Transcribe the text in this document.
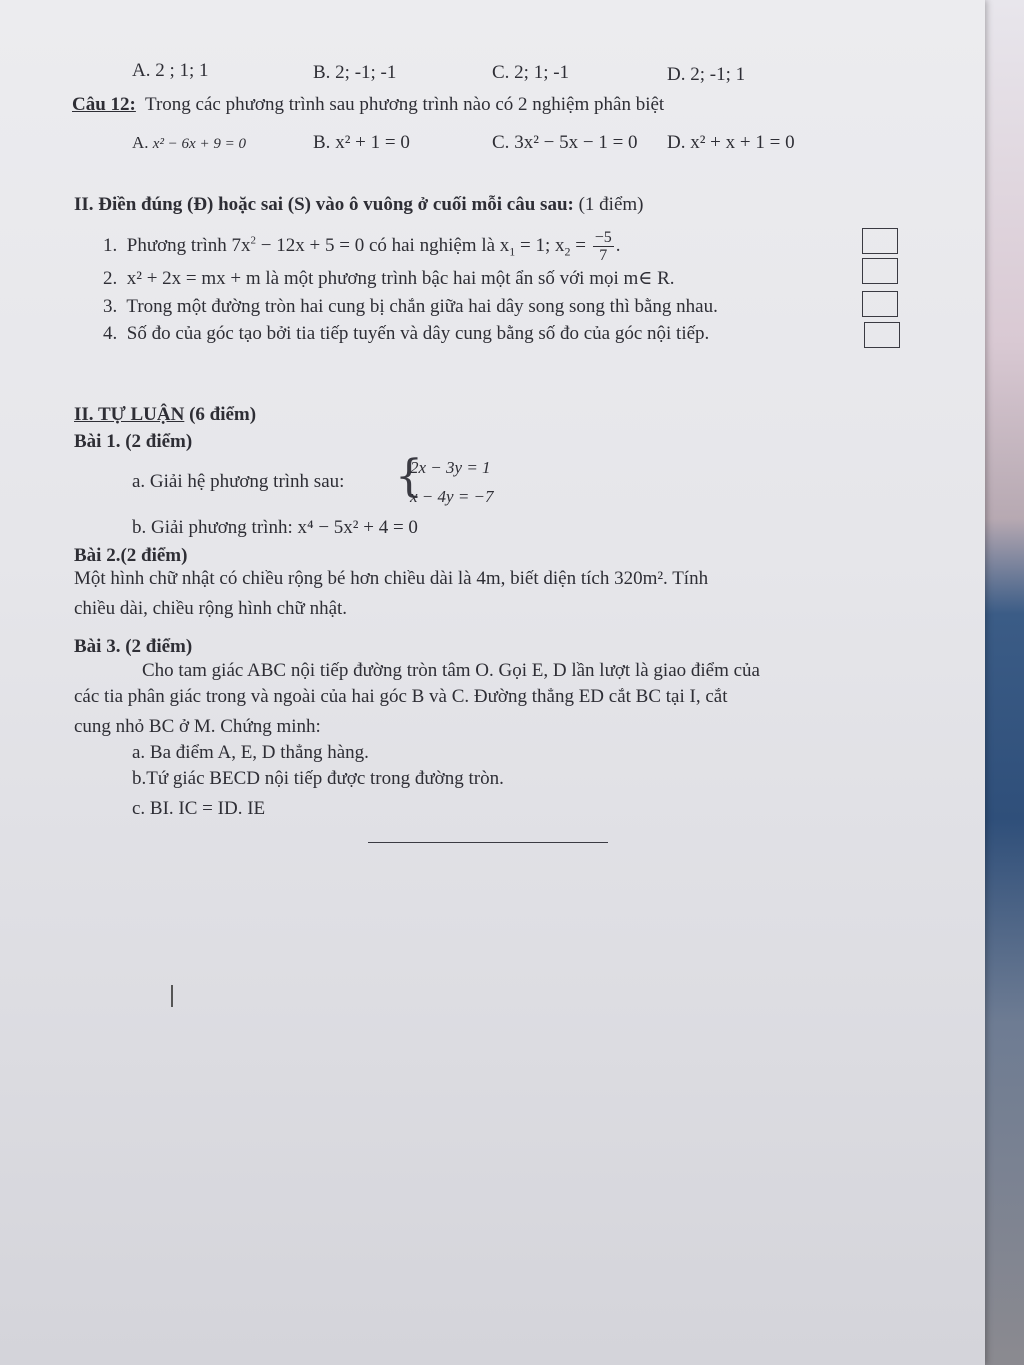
A. 2 ; 1; 1	B. 2; -1; -1	C. 2; 1; -1	D. 2; -1; 1
Câu 12: Trong các phương trình sau phương trình nào có 2 nghiệm phân biệt
A. x² − 6x + 9 = 0	B. x² + 1 = 0	C. 3x² − 5x − 1 = 0 D. x² + x + 1 = 0
II. Điền đúng (Đ) hoặc sai (S) vào ô vuông ở cuối mỗi câu sau: (1 điểm)
1. Phương trình $7x^2 - 12x + 5 = 0$ có hai nghiệm là $x_1 = 1$; $x_2 = \frac{-5}{7}$ .
2. x² + 2x = mx + m là một phương trình bậc hai một ẩn số với mọi m∈ R.
3. Trong một đường tròn hai cung bị chắn giữa hai dây song song thì bằng nhau.
4. Số đo của góc tạo bởi tia tiếp tuyến và dây cung bằng số đo của góc nội tiếp.
II. TỰ LUẬN (6 điểm)
Bài 1. (2 điểm)
a. Giải hệ phương trình sau: {
2x − 3y = 1
x − 4y = −7
b. Giải phương trình: x⁴ − 5x² + 4 = 0
Bài 2.(2 điểm)
Một hình chữ nhật có chiều rộng bé hơn chiều dài là 4m, biết diện tích 320m². Tính
chiều dài, chiều rộng hình chữ nhật.
Bài 3. (2 điểm)
Cho tam giác ABC nội tiếp đường tròn tâm O. Gọi E, D lần lượt là giao điểm của
các tia phân giác trong và ngoài của hai góc B và C. Đường thẳng ED cắt BC tại I, cắt
cung nhỏ BC ở M. Chứng minh:
a. Ba điểm A, E, D thẳng hàng.
b.Tứ giác BECD nội tiếp được trong đường tròn.
c. BI. IC = ID. IE
